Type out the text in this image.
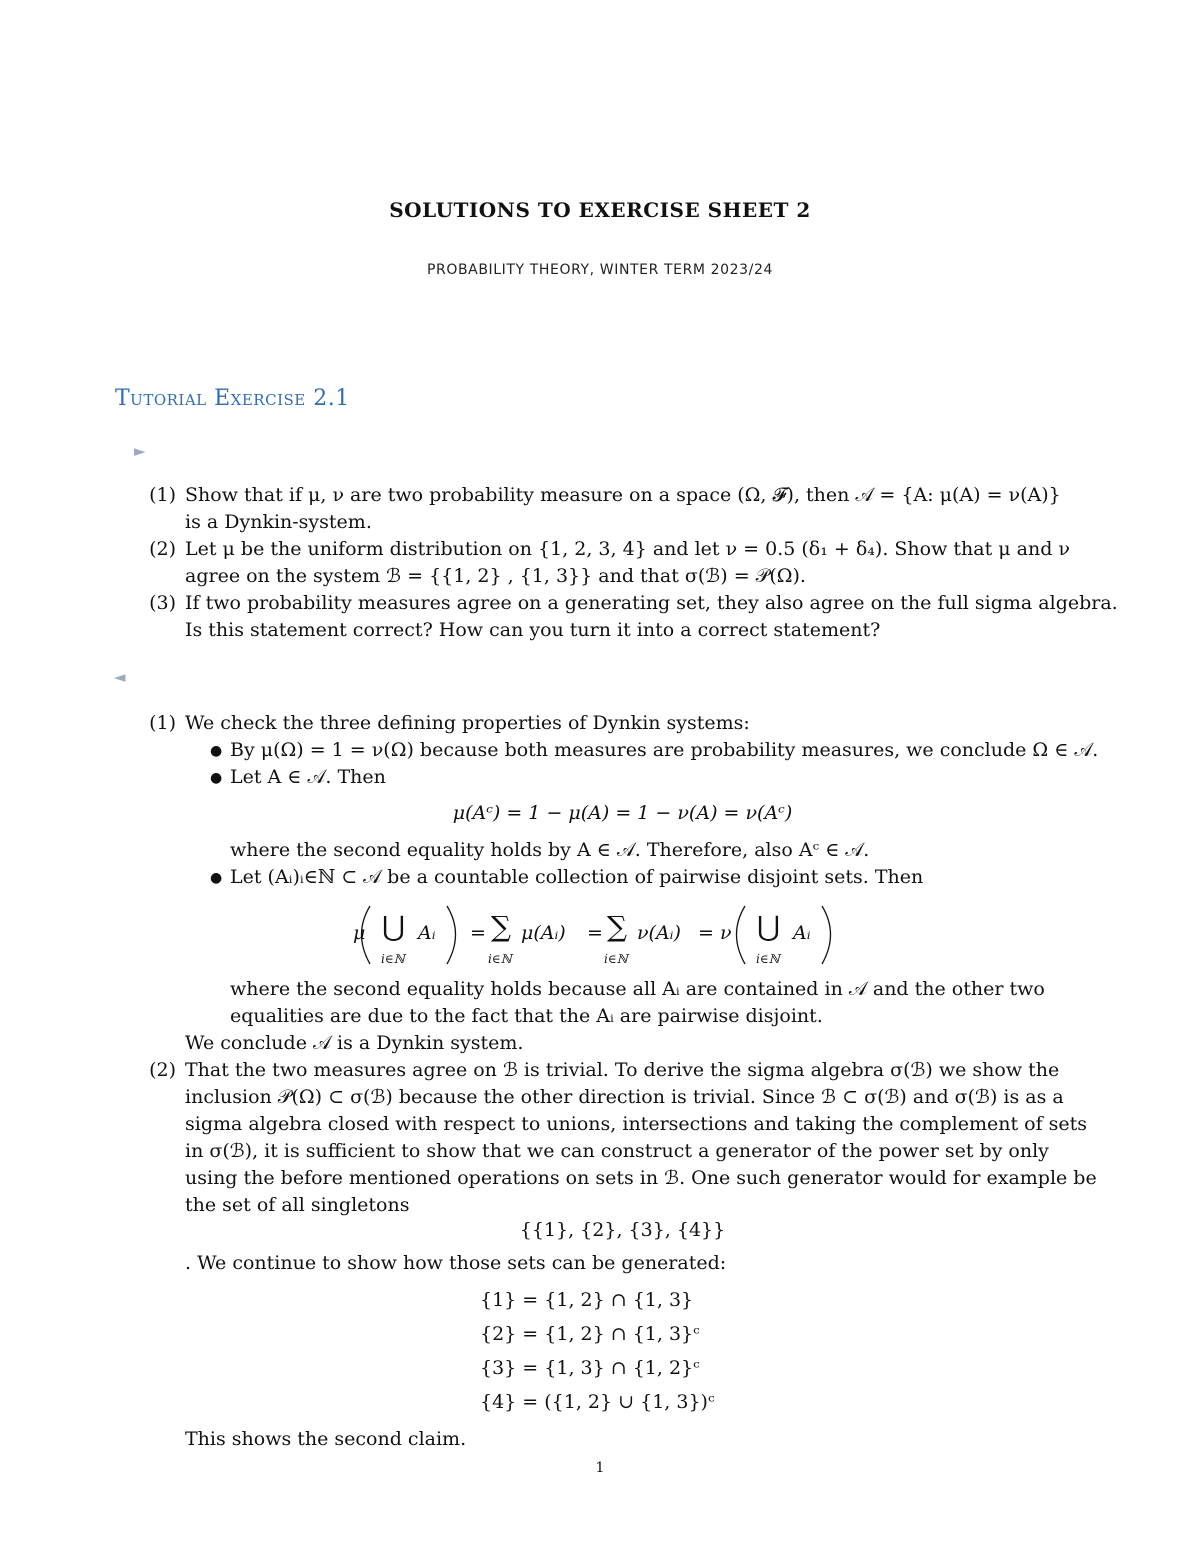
SOLUTIONS TO EXERCISE SHEET 2
PROBABILITY THEORY, WINTER TERM 2023/24
Tutorial Exercise 2.1
►
(1) Show that if μ, ν are two probability measure on a space (Ω, 𝓕), then 𝒜 = {A: μ(A) = ν(A)}
is a Dynkin-system.
(2) Let μ be the uniform distribution on {1, 2, 3, 4} and let ν = 0.5 (δ₁ + δ₄). Show that μ and ν
agree on the system ℬ = {{1, 2} , {1, 3}} and that σ(ℬ) = 𝒫(Ω).
(3) If two probability measures agree on a generating set, they also agree on the full sigma algebra.
Is this statement correct? How can you turn it into a correct statement?
◄
(1) We check the three defining properties of Dynkin systems:
● By μ(Ω) = 1 = ν(Ω) because both measures are probability measures, we conclude Ω ∈ 𝒜.
● Let A ∈ 𝒜. Then
μ(Aᶜ) = 1 − μ(A) = 1 − ν(A) = ν(Aᶜ)
where the second equality holds by A ∈ 𝒜. Therefore, also Aᶜ ∈ 𝒜.
● Let (Aᵢ)ᵢ∈ℕ ⊂ 𝒜 be a countable collection of pairwise disjoint sets. Then
μ ⋃ Aᵢ
i∈ℕ
= ∑ μ(Aᵢ)
i∈ℕ
= ∑ ν(Aᵢ)
i∈ℕ
= ν ⋃ Aᵢ
i∈ℕ
where the second equality holds because all Aᵢ are contained in 𝒜 and the other two
equalities are due to the fact that the Aᵢ are pairwise disjoint.
We conclude 𝒜 is a Dynkin system.
(2) That the two measures agree on ℬ is trivial. To derive the sigma algebra σ(ℬ) we show the
inclusion 𝒫(Ω) ⊂ σ(ℬ) because the other direction is trivial. Since ℬ ⊂ σ(ℬ) and σ(ℬ) is as a
sigma algebra closed with respect to unions, intersections and taking the complement of sets
in σ(ℬ), it is sufficient to show that we can construct a generator of the power set by only
using the before mentioned operations on sets in ℬ. One such generator would for example be
the set of all singletons
{{1}, {2}, {3}, {4}}
. We continue to show how those sets can be generated:
{1} = {1, 2} ∩ {1, 3}
{2} = {1, 2} ∩ {1, 3}ᶜ
{3} = {1, 3} ∩ {1, 2}ᶜ
{4} = ({1, 2} ∪ {1, 3})ᶜ
This shows the second claim.
1
